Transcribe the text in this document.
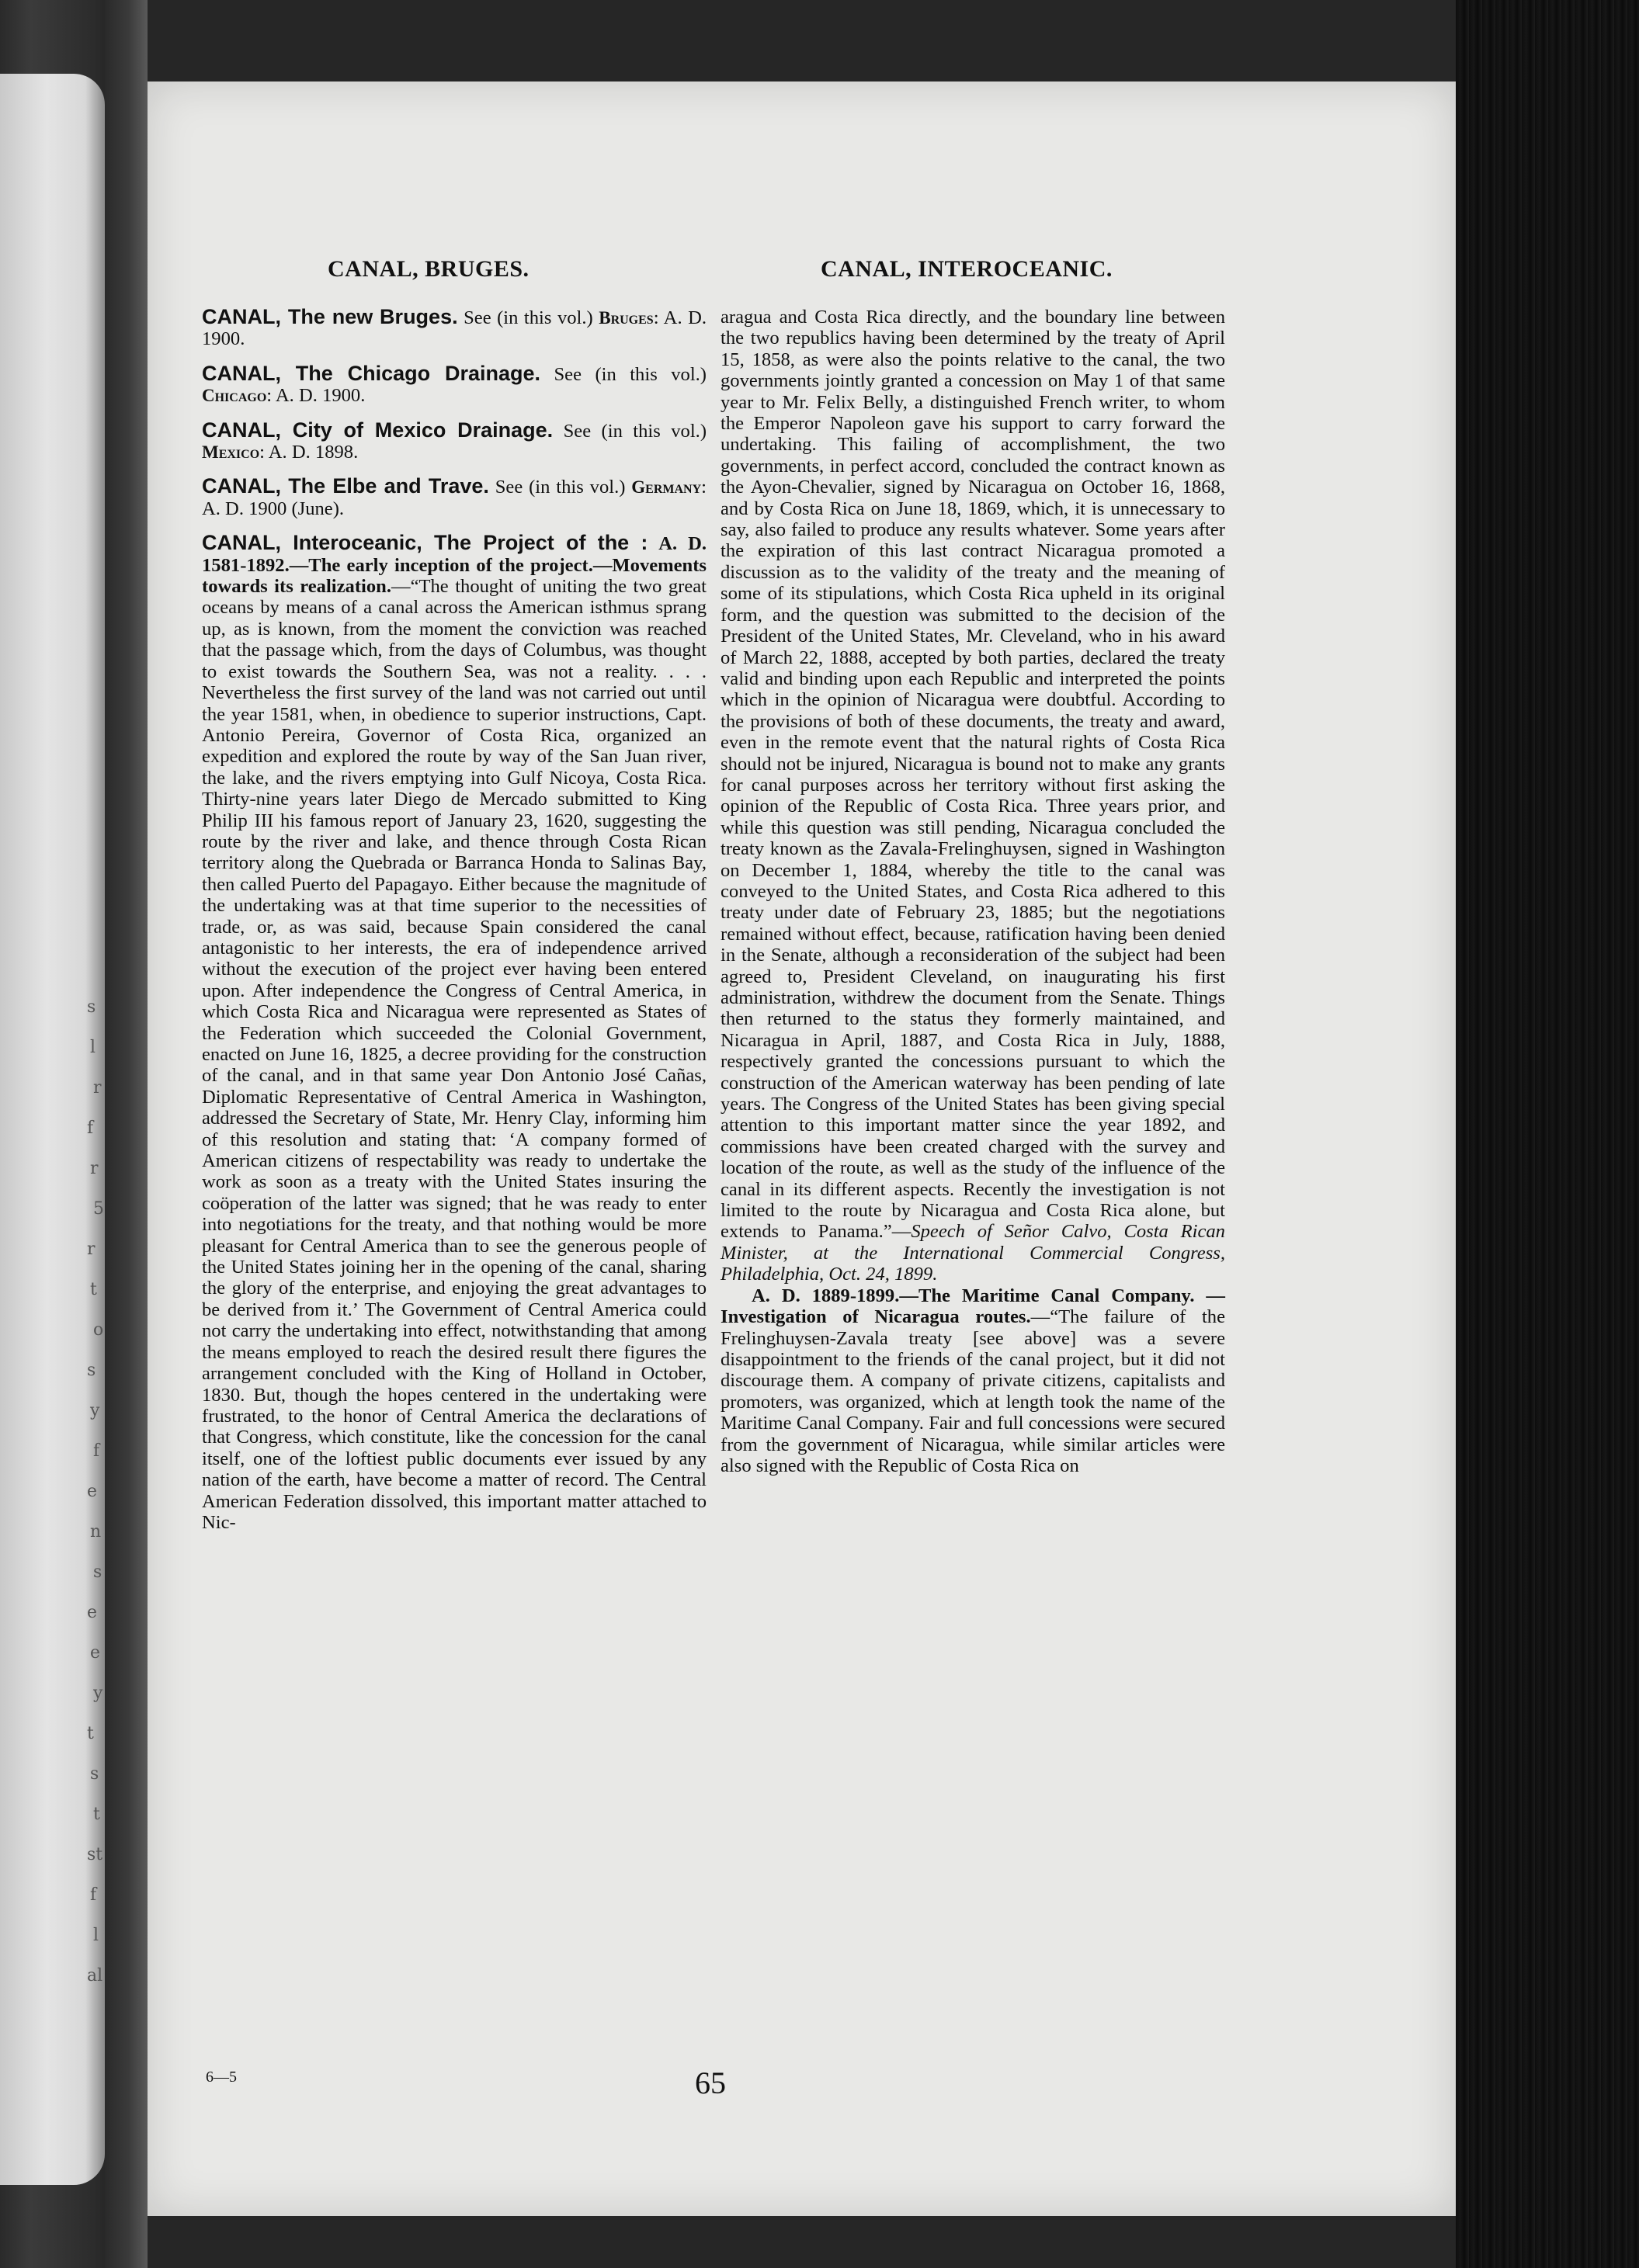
s
l
r
f
r
5
r
t
o
s
y
f
e
n
s
e
e
y
t
s
t
st
f
l
al
CANAL, BRUGES.	CANAL, INTEROCEANIC.

CANAL, The new Bruges. See (in this vol.) Bruges: A. D. 1900.

CANAL, The Chicago Drainage. See (in this vol.) Chicago: A. D. 1900.

CANAL, City of Mexico Drainage. See (in this vol.) Mexico: A. D. 1898.

CANAL, The Elbe and Trave. See (in this vol.) Germany: A. D. 1900 (June).

CANAL, Interoceanic, The Project of the : A. D. 1581-1892.—The early inception of the project.—Movements towards its realization.—“The thought of uniting the two great oceans by means of a canal across the American isthmus sprang up, as is known, from the moment the conviction was reached that the passage which, from the days of Columbus, was thought to exist towards the Southern Sea, was not a reality. . . . Nevertheless the first survey of the land was not carried out until the year 1581, when, in obedience to superior instructions, Capt. Antonio Pereira, Governor of Costa Rica, organized an expedition and explored the route by way of the San Juan river, the lake, and the rivers emptying into Gulf Nicoya, Costa Rica. Thirty-nine years later Diego de Mercado submitted to King Philip III his famous report of January 23, 1620, suggesting the route by the river and lake, and thence through Costa Rican territory along the Quebrada or Barranca Honda to Salinas Bay, then called Puerto del Papagayo. Either because the magnitude of the undertaking was at that time superior to the necessities of trade, or, as was said, because Spain considered the canal antagonistic to her interests, the era of independence arrived without the execution of the project ever having been entered upon. After independence the Congress of Central America, in which Costa Rica and Nicaragua were represented as States of the Federation which succeeded the Colonial Government, enacted on June 16, 1825, a decree providing for the construction of the canal, and in that same year Don Antonio José Cañas, Diplomatic Representative of Central America in Washington, addressed the Secretary of State, Mr. Henry Clay, informing him of this resolution and stating that: ‘A company formed of American citizens of respectability was ready to undertake the work as soon as a treaty with the United States insuring the coöperation of the latter was signed; that he was ready to enter into negotiations for the treaty, and that nothing would be more pleasant for Central America than to see the generous people of the United States joining her in the opening of the canal, sharing the glory of the enterprise, and enjoying the great advantages to be derived from it.’ The Government of Central America could not carry the undertaking into effect, notwithstanding that among the means employed to reach the desired result there figures the arrangement concluded with the King of Holland in October, 1830. But, though the hopes centered in the undertaking were frustrated, to the honor of Central America the declarations of that Congress, which constitute, like the concession for the canal itself, one of the loftiest public documents ever issued by any nation of the earth, have become a matter of record. The Central American Federation dissolved, this important matter attached to Nic-

aragua and Costa Rica directly, and the boundary line between the two republics having been determined by the treaty of April 15, 1858, as were also the points relative to the canal, the two governments jointly granted a concession on May 1 of that same year to Mr. Felix Belly, a distinguished French writer, to whom the Emperor Napoleon gave his support to carry forward the undertaking. This failing of accomplishment, the two governments, in perfect accord, concluded the contract known as the Ayon-Chevalier, signed by Nicaragua on October 16, 1868, and by Costa Rica on June 18, 1869, which, it is unnecessary to say, also failed to produce any results whatever. Some years after the expiration of this last contract Nicaragua promoted a discussion as to the validity of the treaty and the meaning of some of its stipulations, which Costa Rica upheld in its original form, and the question was submitted to the decision of the President of the United States, Mr. Cleveland, who in his award of March 22, 1888, accepted by both parties, declared the treaty valid and binding upon each Republic and interpreted the points which in the opinion of Nicaragua were doubtful. According to the provisions of both of these documents, the treaty and award, even in the remote event that the natural rights of Costa Rica should not be injured, Nicaragua is bound not to make any grants for canal purposes across her territory without first asking the opinion of the Republic of Costa Rica. Three years prior, and while this question was still pending, Nicaragua concluded the treaty known as the Zavala-Frelinghuysen, signed in Washington on December 1, 1884, whereby the title to the canal was conveyed to the United States, and Costa Rica adhered to this treaty under date of February 23, 1885; but the negotiations remained without effect, because, ratification having been denied in the Senate, although a reconsideration of the subject had been agreed to, President Cleveland, on inaugurating his first administration, withdrew the document from the Senate. Things then returned to the status they formerly maintained, and Nicaragua in April, 1887, and Costa Rica in July, 1888, respectively granted the concessions pursuant to which the construction of the American waterway has been pending of late years. The Congress of the United States has been giving special attention to this important matter since the year 1892, and commissions have been created charged with the survey and location of the route, as well as the study of the influence of the canal in its different aspects. Recently the investigation is not limited to the route by Nicaragua and Costa Rica alone, but extends to Panama.”—Speech of Señor Calvo, Costa Rican Minister, at the International Commercial Congress, Philadelphia, Oct. 24, 1899.

A. D. 1889-1899.—The Maritime Canal Company. — Investigation of Nicaragua routes.—“The failure of the Frelinghuysen-Zavala treaty [see above] was a severe disappointment to the friends of the canal project, but it did not discourage them. A company of private citizens, capitalists and promoters, was organized, which at length took the name of the Maritime Canal Company. Fair and full concessions were secured from the government of Nicaragua, while similar articles were also signed with the Republic of Costa Rica on

6—5	65
